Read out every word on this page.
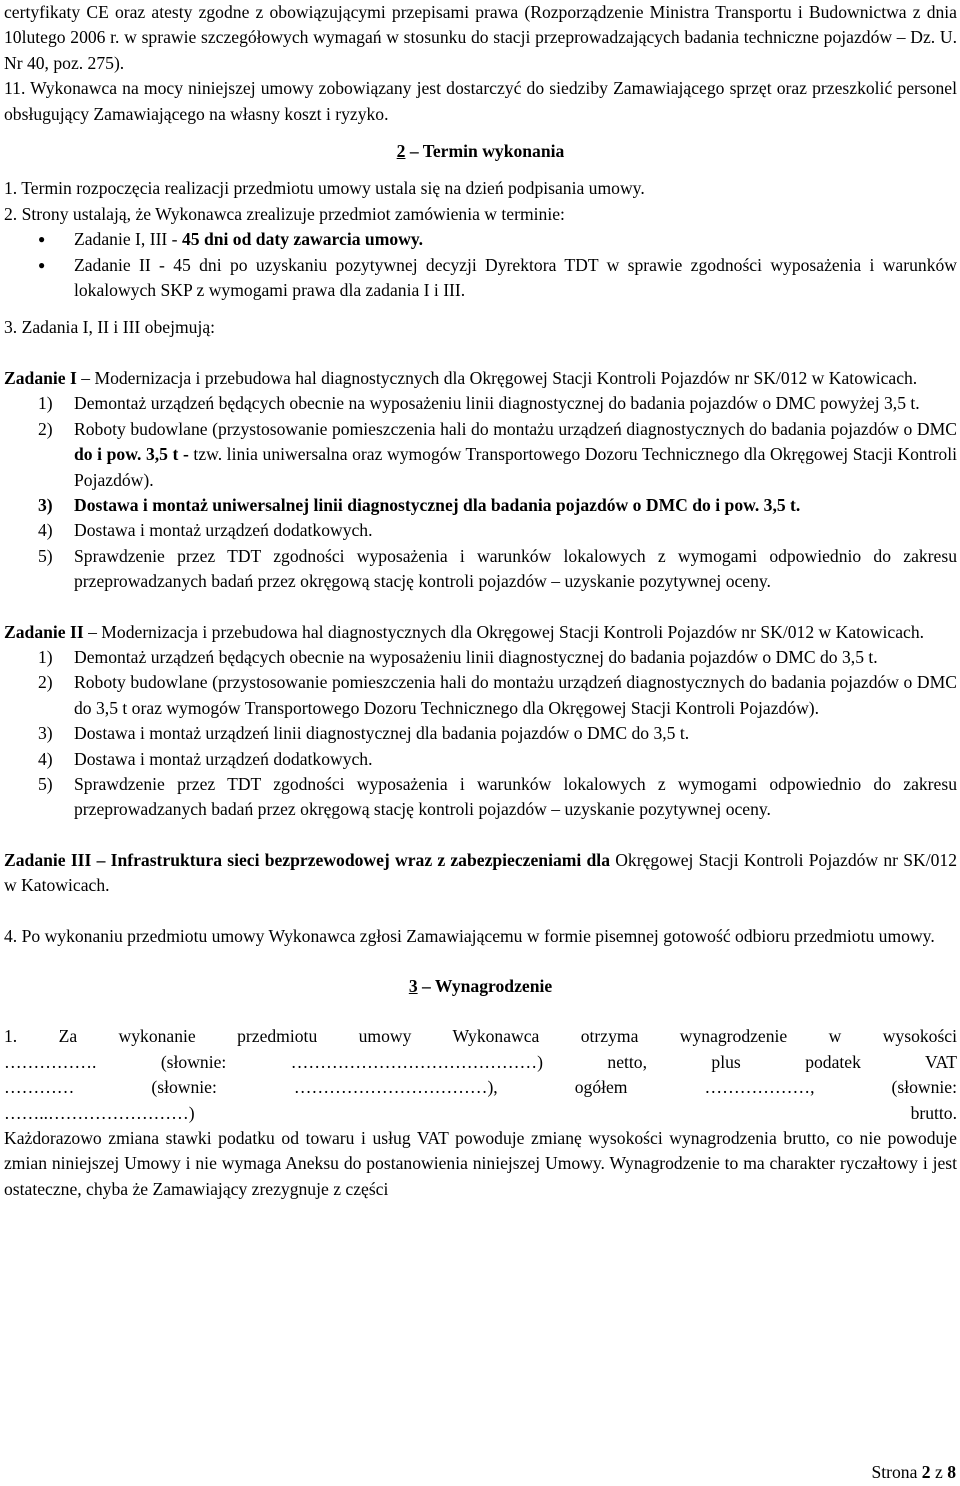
certyfikaty CE oraz atesty zgodne z obowiązującymi przepisami prawa (Rozporządzenie Ministra Transportu i Budownictwa z dnia 10lutego 2006 r. w sprawie szczegółowych wymagań w stosunku do stacji przeprowadzających badania techniczne pojazdów – Dz. U. Nr 40, poz. 275).

11. Wykonawca na mocy niniejszej umowy zobowiązany jest dostarczyć do siedziby Zamawiającego sprzęt oraz przeszkolić personel obsługujący Zamawiającego na własny koszt i ryzyko.

2 – Termin wykonania

1. Termin rozpoczęcia realizacji przedmiotu umowy ustala się na dzień podpisania umowy.

2. Strony ustalają, że Wykonawca zrealizuje przedmiot zamówienia w terminie:

●	Zadanie I, III - 45 dni od daty zawarcia umowy.
●	Zadanie II - 45 dni po uzyskaniu pozytywnej decyzji Dyrektora TDT w sprawie zgodności wyposażenia i warunków lokalowych SKP z wymogami prawa dla zadania I i III.

3. Zadania I, II i III obejmują:

Zadanie I – Modernizacja i przebudowa hal diagnostycznych dla Okręgowej Stacji Kontroli Pojazdów nr SK/012 w Katowicach.

1)	Demontaż urządzeń będących obecnie na wyposażeniu linii diagnostycznej do badania pojazdów o DMC powyżej 3,5 t.
2)	Roboty budowlane (przystosowanie pomieszczenia hali do montażu urządzeń diagnostycznych do badania pojazdów o DMC do i pow. 3,5 t - tzw. linia uniwersalna oraz wymogów Transportowego Dozoru Technicznego dla Okręgowej Stacji Kontroli Pojazdów).
3)	Dostawa i montaż uniwersalnej linii diagnostycznej dla badania pojazdów o DMC do i pow. 3,5 t.
4)	Dostawa i montaż urządzeń dodatkowych.
5)	Sprawdzenie przez TDT zgodności wyposażenia i warunków lokalowych z wymogami odpowiednio do zakresu przeprowadzanych badań przez okręgową stację kontroli pojazdów – uzyskanie pozytywnej oceny.

Zadanie II – Modernizacja i przebudowa hal diagnostycznych dla Okręgowej Stacji Kontroli Pojazdów nr SK/012 w Katowicach.

1)	Demontaż urządzeń będących obecnie na wyposażeniu linii diagnostycznej do badania pojazdów o DMC do 3,5 t.
2)	Roboty budowlane (przystosowanie pomieszczenia hali do montażu urządzeń diagnostycznych do badania pojazdów o DMC do 3,5 t oraz wymogów Transportowego Dozoru Technicznego dla Okręgowej Stacji Kontroli Pojazdów).
3)	Dostawa i montaż urządzeń linii diagnostycznej dla badania pojazdów o DMC do 3,5 t.
4)	Dostawa i montaż urządzeń dodatkowych.
5)	Sprawdzenie przez TDT zgodności wyposażenia i warunków lokalowych z wymogami odpowiednio do zakresu przeprowadzanych badań przez okręgową stację kontroli pojazdów – uzyskanie pozytywnej oceny.

Zadanie III – Infrastruktura sieci bezprzewodowej wraz z zabezpieczeniami dla Okręgowej Stacji Kontroli Pojazdów nr SK/012 w Katowicach.

4. Po wykonaniu przedmiotu umowy Wykonawca zgłosi Zamawiającemu w formie pisemnej gotowość odbioru przedmiotu umowy.

3 – Wynagrodzenie

1. Za wykonanie przedmiotu umowy Wykonawca otrzyma wynagrodzenie w wysokości

……………. (słownie: ……………………………………) netto, plus podatek VAT

………… (słownie: ……………………………), ogółem ………………, (słownie:

……..……………………)	brutto.

Każdorazowo zmiana stawki podatku od towaru i usług VAT powoduje zmianę wysokości wynagrodzenia brutto, co nie powoduje zmian niniejszej Umowy i nie wymaga Aneksu do postanowienia niniejszej Umowy. Wynagrodzenie to ma charakter ryczałtowy i jest ostateczne, chyba że Zamawiający zrezygnuje z części

Strona 2 z 8
